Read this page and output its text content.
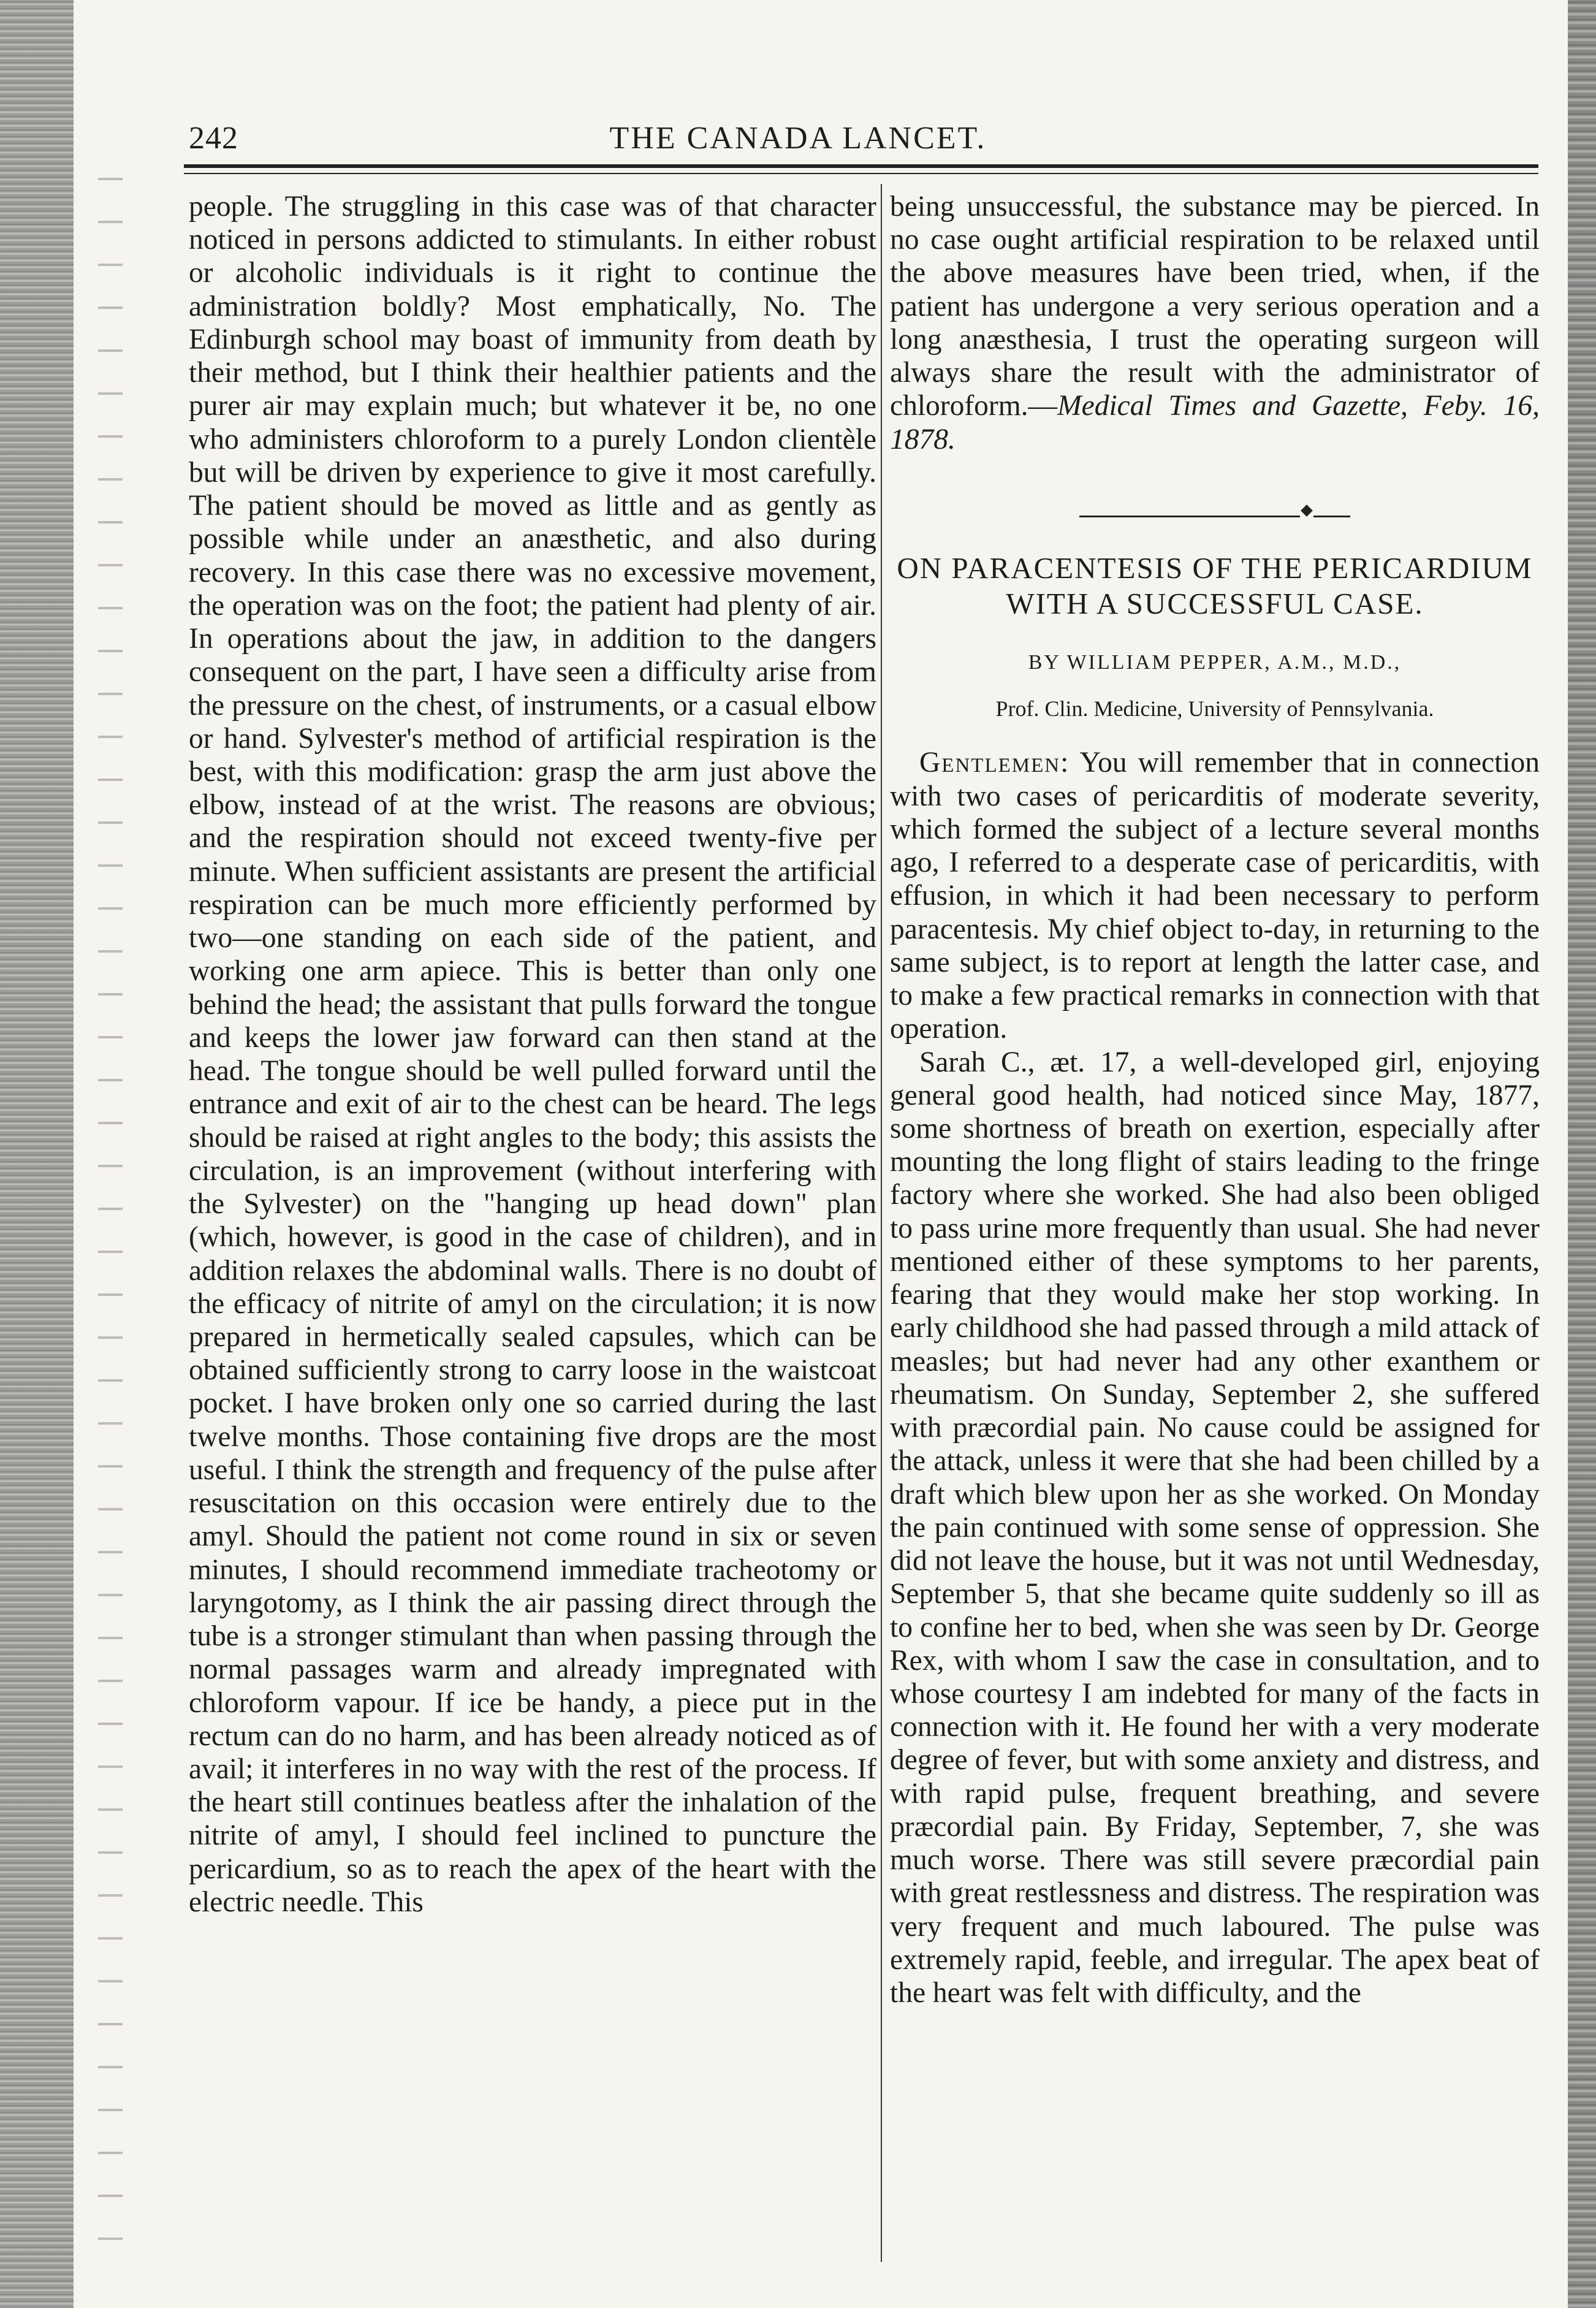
242	THE CANADA LANCET.

people. The struggling in this case was of that character noticed in persons addicted to stimulants. In either robust or alcoholic individuals is it right to continue the administration boldly? Most emphatically, No. The Edinburgh school may boast of immunity from death by their method, but I think their healthier patients and the purer air may explain much; but whatever it be, no one who administers chloroform to a purely London clientèle but will be driven by experience to give it most carefully. The patient should be moved as little and as gently as possible while under an anæsthetic, and also during recovery. In this case there was no excessive movement, the operation was on the foot; the patient had plenty of air. In operations about the jaw, in addition to the dangers consequent on the part, I have seen a difficulty arise from the pressure on the chest, of instruments, or a casual elbow or hand. Sylvester's method of artificial respiration is the best, with this modification: grasp the arm just above the elbow, instead of at the wrist. The reasons are obvious; and the respiration should not exceed twenty-five per minute. When sufficient assistants are present the artificial respiration can be much more efficiently performed by two—one standing on each side of the patient, and working one arm apiece. This is better than only one behind the head; the assistant that pulls forward the tongue and keeps the lower jaw forward can then stand at the head. The tongue should be well pulled forward until the entrance and exit of air to the chest can be heard. The legs should be raised at right angles to the body; this assists the circulation, is an improvement (without interfering with the Sylvester) on the "hanging up head down" plan (which, however, is good in the case of children), and in addition relaxes the abdominal walls. There is no doubt of the efficacy of nitrite of amyl on the circulation; it is now prepared in hermetically sealed capsules, which can be obtained sufficiently strong to carry loose in the waistcoat pocket. I have broken only one so carried during the last twelve months. Those containing five drops are the most useful. I think the strength and frequency of the pulse after resuscitation on this occasion were entirely due to the amyl. Should the patient not come round in six or seven minutes, I should recommend immediate tracheotomy or laryngotomy, as I think the air passing direct through the tube is a stronger stimulant than when passing through the normal passages warm and already impregnated with chloroform vapour. If ice be handy, a piece put in the rectum can do no harm, and has been already noticed as of avail; it interferes in no way with the rest of the process. If the heart still continues beatless after the inhalation of the nitrite of amyl, I should feel inclined to puncture the pericardium, so as to reach the apex of the heart with the electric needle. This

being unsuccessful, the substance may be pierced. In no case ought artificial respiration to be relaxed until the above measures have been tried, when, if the patient has undergone a very serious operation and a long anæsthesia, I trust the operating surgeon will always share the result with the administrator of chloroform.—Medical Times and Gazette, Feby. 16, 1878.

ON PARACENTESIS OF THE PERICARDIUM WITH A SUCCESSFUL CASE.
BY WILLIAM PEPPER, A.M., M.D.,
Prof. Clin. Medicine, University of Pennsylvania.

Gentlemen: You will remember that in connection with two cases of pericarditis of moderate severity, which formed the subject of a lecture several months ago, I referred to a desperate case of pericarditis, with effusion, in which it had been necessary to perform paracentesis. My chief object to-day, in returning to the same subject, is to report at length the latter case, and to make a few practical remarks in connection with that operation.

Sarah C., æt. 17, a well-developed girl, enjoying general good health, had noticed since May, 1877, some shortness of breath on exertion, especially after mounting the long flight of stairs leading to the fringe factory where she worked. She had also been obliged to pass urine more frequently than usual. She had never mentioned either of these symptoms to her parents, fearing that they would make her stop working. In early childhood she had passed through a mild attack of measles; but had never had any other exanthem or rheumatism. On Sunday, September 2, she suffered with præcordial pain. No cause could be assigned for the attack, unless it were that she had been chilled by a draft which blew upon her as she worked. On Monday the pain continued with some sense of oppression. She did not leave the house, but it was not until Wednesday, September 5, that she became quite suddenly so ill as to confine her to bed, when she was seen by Dr. George Rex, with whom I saw the case in consultation, and to whose courtesy I am indebted for many of the facts in connection with it. He found her with a very moderate degree of fever, but with some anxiety and distress, and with rapid pulse, frequent breathing, and severe præcordial pain. By Friday, September, 7, she was much worse. There was still severe præcordial pain with great restlessness and distress. The respiration was very frequent and much laboured. The pulse was extremely rapid, feeble, and irregular. The apex beat of the heart was felt with difficulty, and the
